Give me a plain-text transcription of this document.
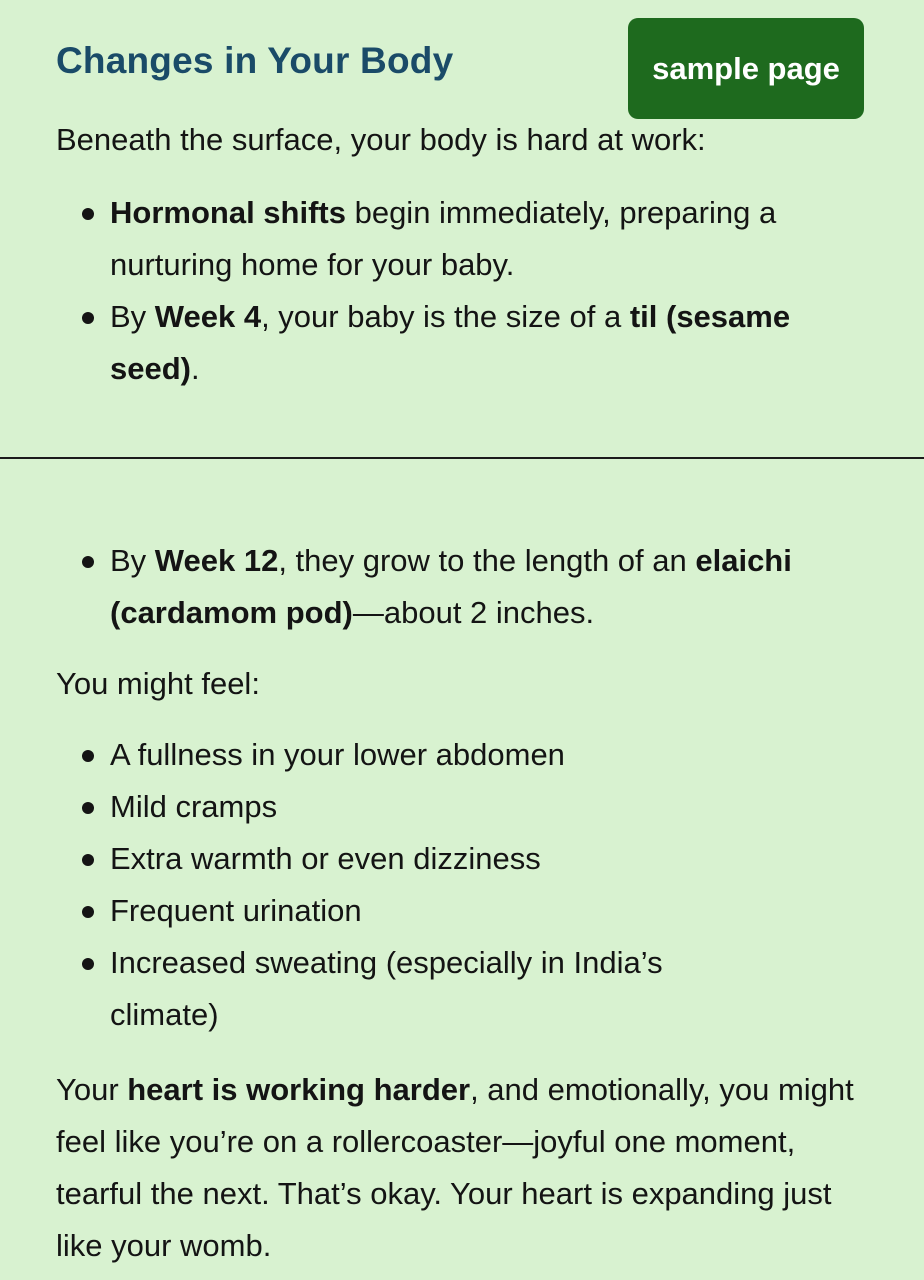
Changes in Your Body	sample page

Beneath the surface, your body is hard at work:

Hormonal shifts begin immediately, preparing a nurturing home for your baby.
By Week 4, your baby is the size of a til (sesame seed).
By Week 12, they grow to the length of an elaichi (cardamom pod)—about 2 inches.

You might feel:

A fullness in your lower abdomen
Mild cramps
Extra warmth or even dizziness
Frequent urination
Increased sweating (especially in India’s climate)

Your heart is working harder, and emotionally, you might feel like you’re on a rollercoaster—joyful one moment, tearful the next. That’s okay. Your heart is expanding just like your womb.
